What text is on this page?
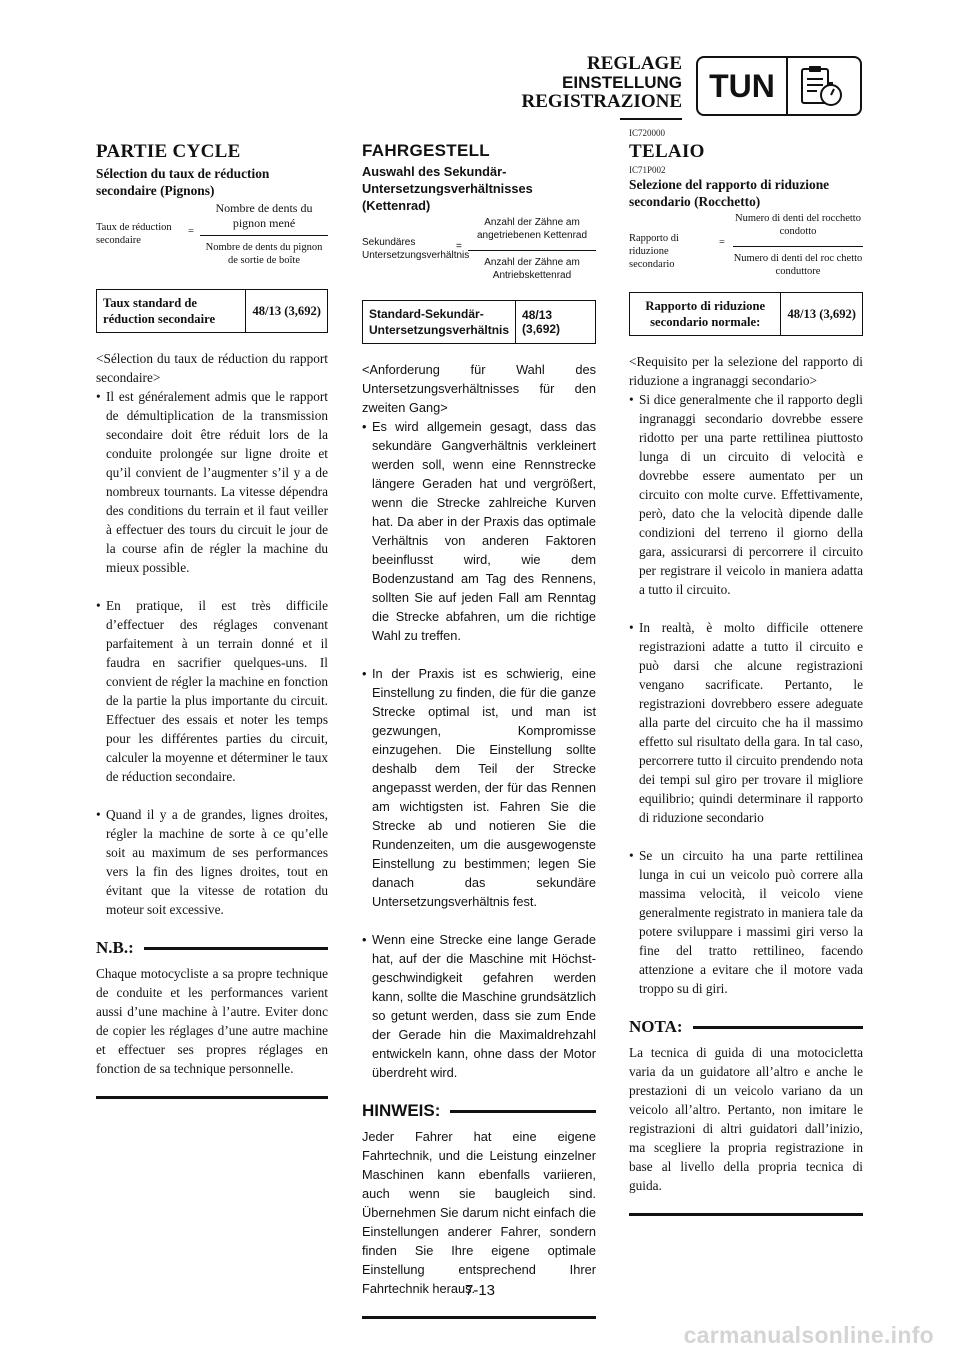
REGLAGE
EINSTELLUNG
REGISTRAZIONE TUN
PARTIE CYCLE
Sélection du taux de réduction secondaire (Pignons)
Taux de réduction secondaire
=
Nombre de dents du pignon mené
Nombre de dents du pignon de sortie de boîte
Taux standard de réduction secondaire
48/13 (3,692)
<Sélection du taux de réduction du rapport secondaire>
• Il est généralement admis que le rapport de démultiplication de la transmission secondaire doit être réduit lors de la conduite prolongée sur ligne droite et qu’il convient de l’augmenter s’il y a de nombreux tournants. La vitesse dépendra des conditions du terrain et il faut veiller à effectuer des tours du circuit le jour de la course afin de régler la machine du mieux possible.
• En pratique, il est très difficile d’effectuer des réglages convenant parfaitement à un terrain donné et il faudra en sacrifier quelques-uns. Il convient de régler la machine en fonction de la partie la plus importante du circuit. Effectuer des essais et noter les temps pour les différentes parties du circuit, calculer la moyenne et déterminer le taux de réduction secondaire.
• Quand il y a de grandes, lignes droites, régler la machine de sorte à ce qu’elle soit au maximum de ses performances vers la fin des lignes droites, tout en évitant que la vitesse de rotation du moteur soit excessive.
N.B.:
Chaque motocycliste a sa propre technique de conduite et les performances varient aussi d’une machine à l’autre. Eviter donc de copier les réglages d’une autre machine et effectuer ses propres réglages en fonction de sa technique personnelle.
FAHRGESTELL
Auswahl des Sekundär-Untersetzungsverhältnisses (Kettenrad)
Sekundäres Untersetzungsverhältnis
=
Anzahl der Zähne am angetriebenen Kettenrad
Anzahl der Zähne am Antriebskettenrad
Standard-Sekundär-Untersetzungsverhältnis
48/13 (3,692)
<Anforderung für Wahl des Untersetzungsverhältnisses für den zweiten Gang>
• Es wird allgemein gesagt, dass das sekundäre Gangverhältnis verkleinert werden soll, wenn eine Rennstrecke längere Geraden hat und vergrößert, wenn die Strecke zahlreiche Kurven hat. Da aber in der Praxis das optimale Verhältnis von anderen Faktoren beeinflusst wird, wie dem Bodenzustand am Tag des Rennens, sollten Sie auf jeden Fall am Renntag die Strecke abfahren, um die richtige Wahl zu treffen.
• In der Praxis ist es schwierig, eine Einstellung zu finden, die für die ganze Strecke optimal ist, und man ist gezwungen, Kompromisse einzugehen. Die Einstellung sollte deshalb dem Teil der Strecke angepasst werden, der für das Rennen am wichtigsten ist. Fahren Sie die Strecke ab und notieren Sie die Rundenzeiten, um die ausgewogenste Einstellung zu bestimmen; legen Sie danach das sekundäre Untersetzungsverhältnis fest.
• Wenn eine Strecke eine lange Gerade hat, auf der die Maschine mit Höchst-geschwindigkeit gefahren werden kann, sollte die Maschine grundsätzlich so getunt werden, dass sie zum Ende der Gerade hin die Maximaldrehzahl entwickeln kann, ohne dass der Motor überdreht wird.
HINWEIS:
Jeder Fahrer hat eine eigene Fahrtechnik, und die Leistung einzelner Maschinen kann ebenfalls variieren, auch wenn sie baugleich sind. Übernehmen Sie darum nicht einfach die Einstellungen anderer Fahrer, sondern finden Sie Ihre eigene optimale Einstellung entsprechend Ihrer Fahrtechnik heraus.
IC720000
TELAIO
IC71P002
Selezione del rapporto di riduzione secondario (Rocchetto)
Rapporto di riduzione secondario
=
Numero di denti del rocchetto condotto
Numero di denti del roc chetto conduttore
Rapporto di riduzione secondario normale:
48/13 (3,692)
<Requisito per la selezione del rapporto di riduzione a ingranaggi secondario>
• Si dice generalmente che il rapporto degli ingranaggi secondario dovrebbe essere ridotto per una parte rettilinea piuttosto lunga di un circuito di velocità e dovrebbe essere aumentato per un circuito con molte curve. Effettivamente, però, dato che la velocità dipende dalle condizioni del terreno il giorno della gara, assicurarsi di percorrere il circuito per registrare il veicolo in maniera adatta a tutto il circuito.
• In realtà, è molto difficile ottenere registrazioni adatte a tutto il circuito e può darsi che alcune registrazioni vengano sacrificate. Pertanto, le registrazioni dovrebbero essere adeguate alla parte del circuito che ha il massimo effetto sul risultato della gara. In tal caso, percorrere tutto il circuito prendendo nota dei tempi sul giro per trovare il migliore equilibrio; quindi determinare il rapporto di riduzione secondario
• Se un circuito ha una parte rettilinea lunga in cui un veicolo può correre alla massima velocità, il veicolo viene generalmente registrato in maniera tale da potere sviluppare i massimi giri verso la fine del tratto rettilineo, facendo attenzione a evitare che il motore vada troppo su di giri.
NOTA:
La tecnica di guida di una motocicletta varia da un guidatore all’altro e anche le prestazioni di un veicolo variano da un veicolo all’altro. Pertanto, non imitare le registrazioni di altri guidatori dall’inizio, ma scegliere la propria registrazione in base al livello della propria tecnica di guida.
7-13
carmanualsonline.info
